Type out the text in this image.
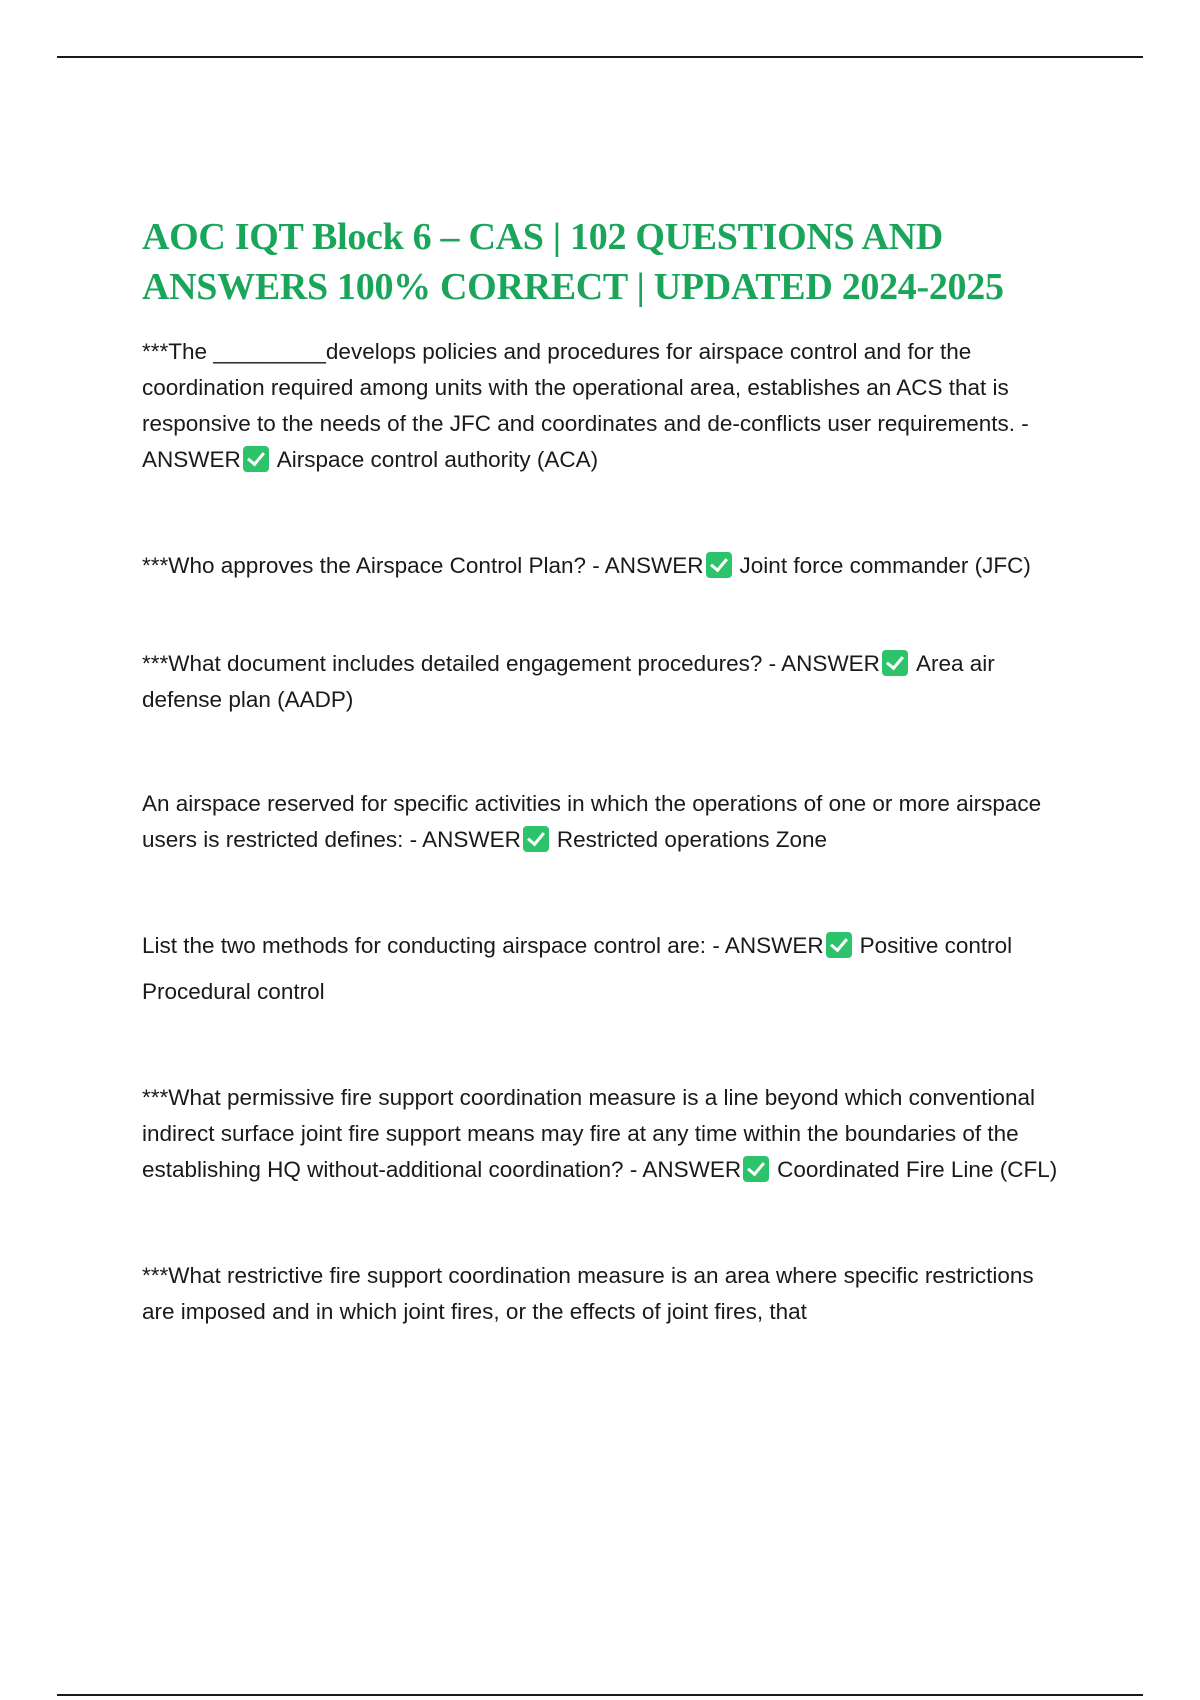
AOC IQT Block 6 – CAS | 102 QUESTIONS AND ANSWERS 100% CORRECT | UPDATED 2024-2025

***The _________develops policies and procedures for airspace control and for the coordination required among units with the operational area, establishes an ACS that is responsive to the needs of the JFC and coordinates and de-conflicts user requirements. - ANSWER Airspace control authority (ACA)

***Who approves the Airspace Control Plan? - ANSWER Joint force commander (JFC)

***What document includes detailed engagement procedures? - ANSWER Area air defense plan (AADP)

An airspace reserved for specific activities in which the operations of one or more airspace users is restricted defines: - ANSWER Restricted operations Zone

List the two methods for conducting airspace control are: - ANSWER Positive control

Procedural control

***What permissive fire support coordination measure is a line beyond which conventional indirect surface joint fire support means may fire at any time within the boundaries of the establishing HQ without-additional coordination? - ANSWER Coordinated Fire Line (CFL)

***What restrictive fire support coordination measure is an area where specific restrictions are imposed and in which joint fires, or the effects of joint fires, that
